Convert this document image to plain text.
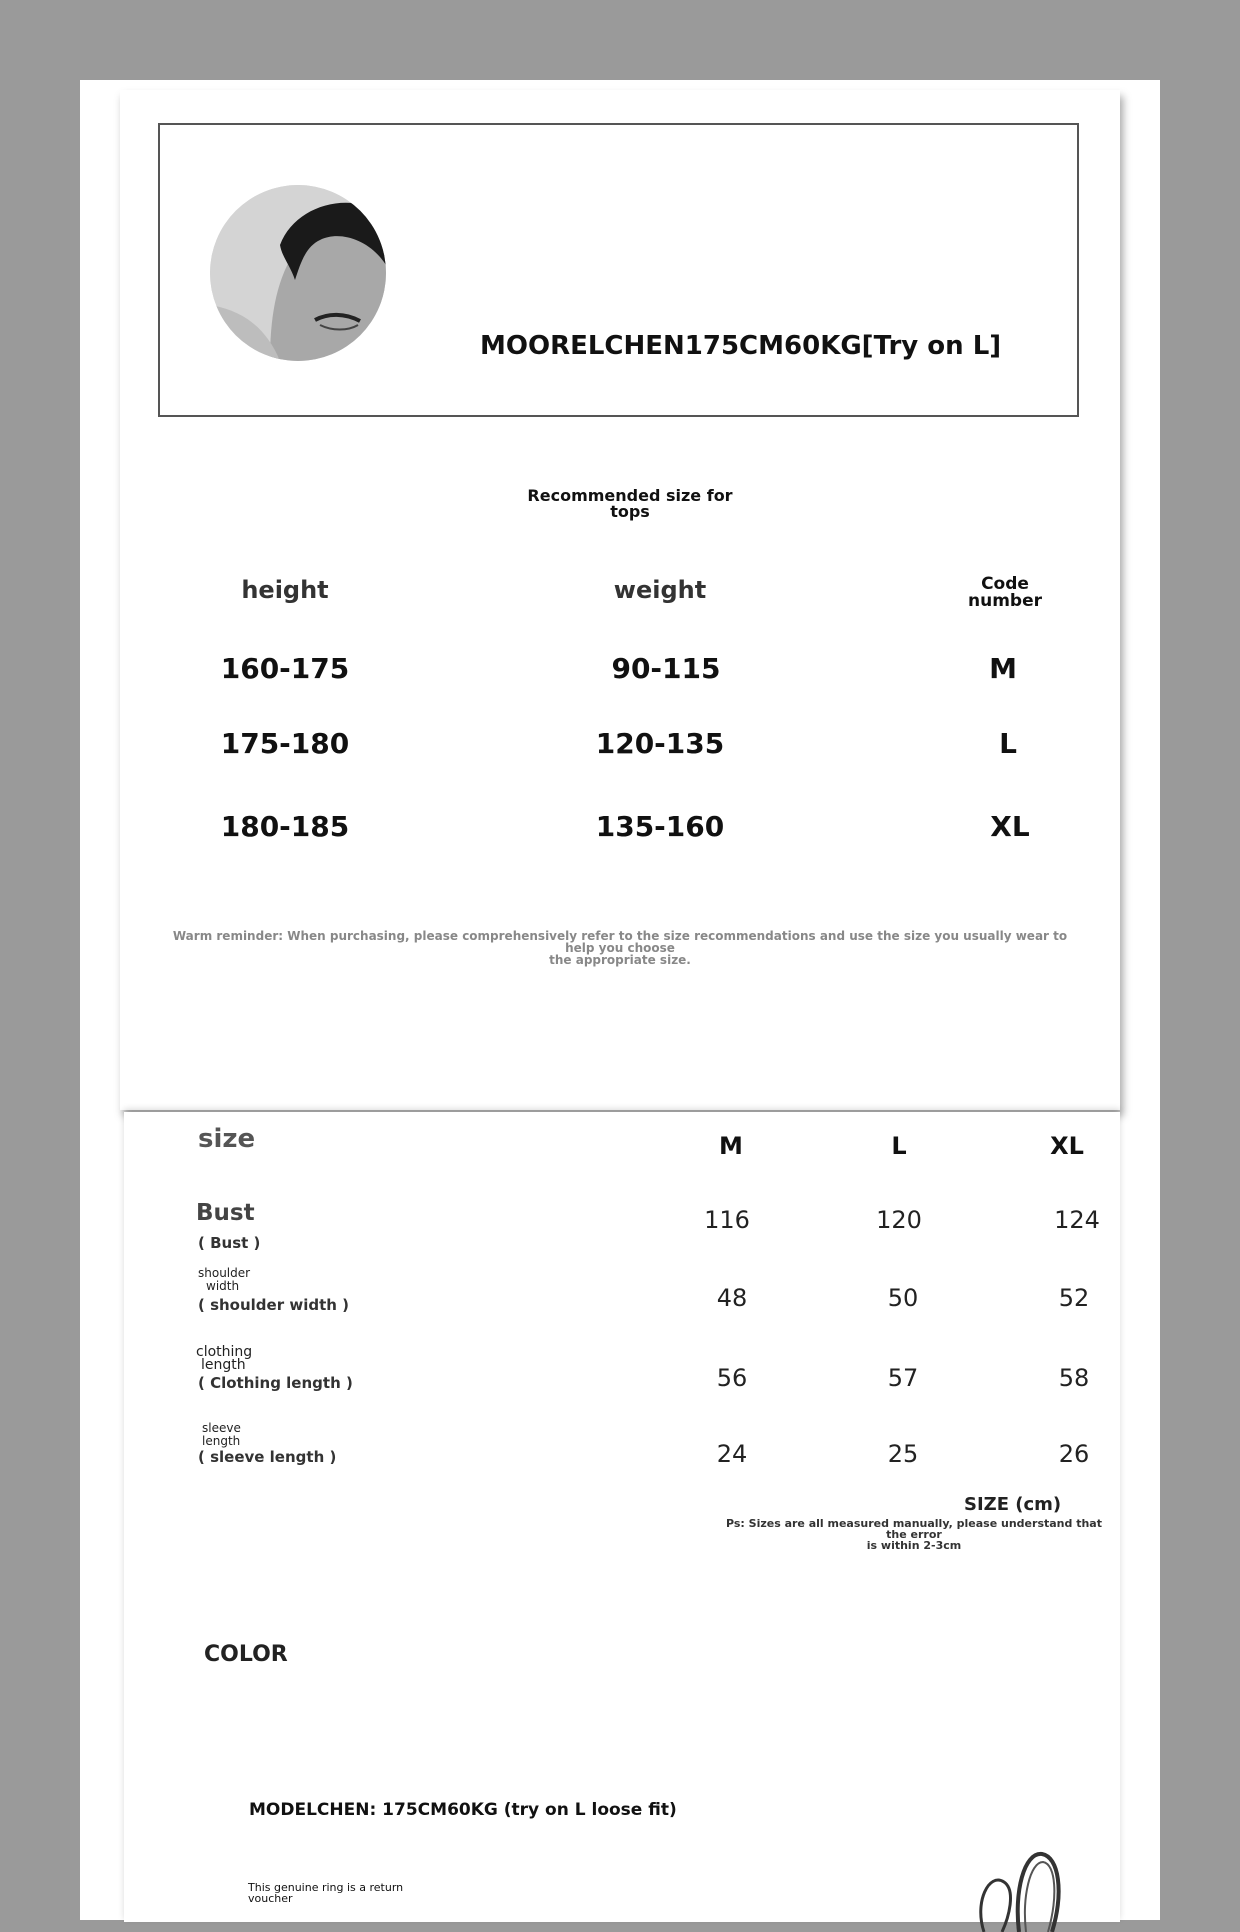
MOORELCHEN175CM60KG[Try on L]
Recommended size for
tops
height	weight	Code
number
160-175	90-115	M
175-180	120-135	L
180-185	135-160	XL
Warm reminder: When purchasing, please comprehensively refer to the size recommendations and use the size you usually wear to help you choose
the appropriate size.
size	M	L	XL
Bust
( Bust )
116	120	124
shoulder
width
( shoulder width )	48	50	52
clothing
length
( Clothing length )	56	57	58
sleeve
length
( sleeve length )	24	25	26
SIZE (cm)
Ps: Sizes are all measured manually, please understand that the error
is within 2-3cm
COLOR
MODELCHEN: 175CM60KG (try on L loose fit)
This genuine ring is a return
voucher
